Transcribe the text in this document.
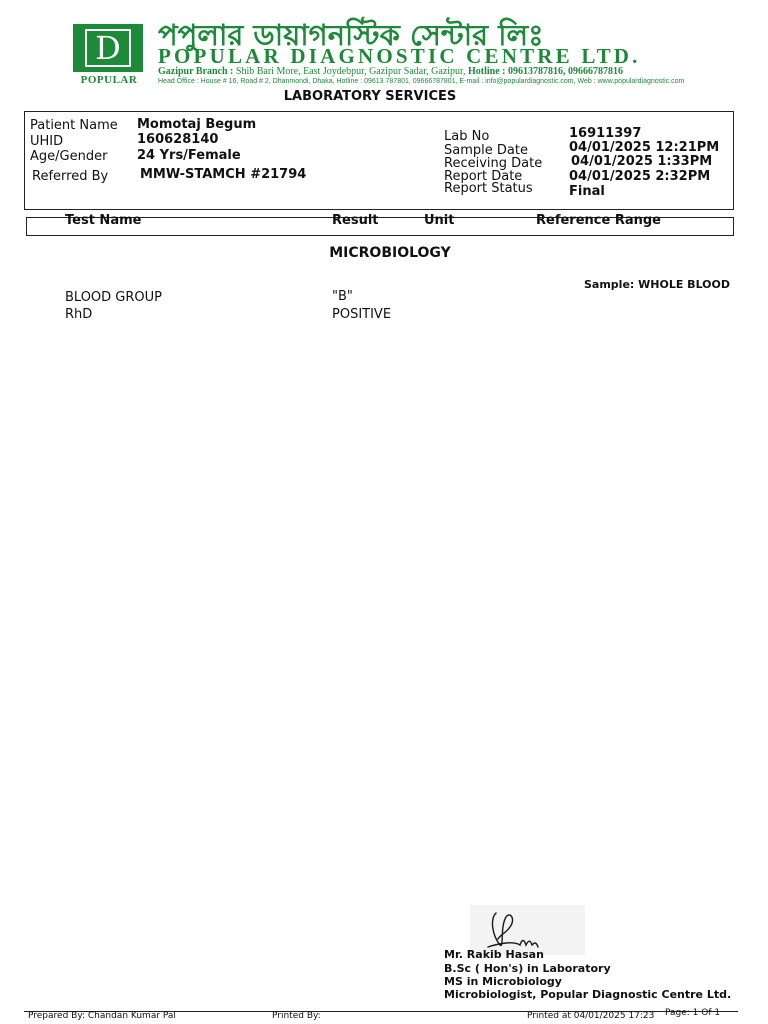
D
POPULAR
পপুলার ডায়াগনস্টিক সেন্টার লিঃ
POPULAR DIAGNOSTIC CENTRE LTD.
Gazipur Branch : Shib Bari More, East Joydebpur, Gazipur Sadar, Gazipur, Hotline : 09613787816, 09666787816
Head Office : House # 16, Road # 2, Dhanmondi, Dhaka, Hotline : 09613 787801, 09666787801, E-mail : info@populardiagnostic.com, Web : www.populardiagnostic.com
LABORATORY SERVICES
Patient Name Momotaj Begum
UHID	160628140
Age/Gender 24 Yrs/Female
Referred By MMW-STAMCH #21794
Lab No	16911397
Sample Date	04/01/2025 12:21PM
Receiving Date 04/01/2025 1:33PM
Report Date	04/01/2025 2:32PM
Report Status	Final
Test Name	Result	Unit	Reference Range
MICROBIOLOGY
Sample: WHOLE BLOOD
BLOOD GROUP	"B"
RhD	POSITIVE
Mr. Rakib Hasan
B.Sc ( Hon's) in Laboratory
MS in Microbiology
Microbiologist, Popular Diagnostic Centre Ltd.
Prepared By: Chandan Kumar Pal	Printed By:	Printed at 04/01/2025 17:23 Page: 1 Of 1
